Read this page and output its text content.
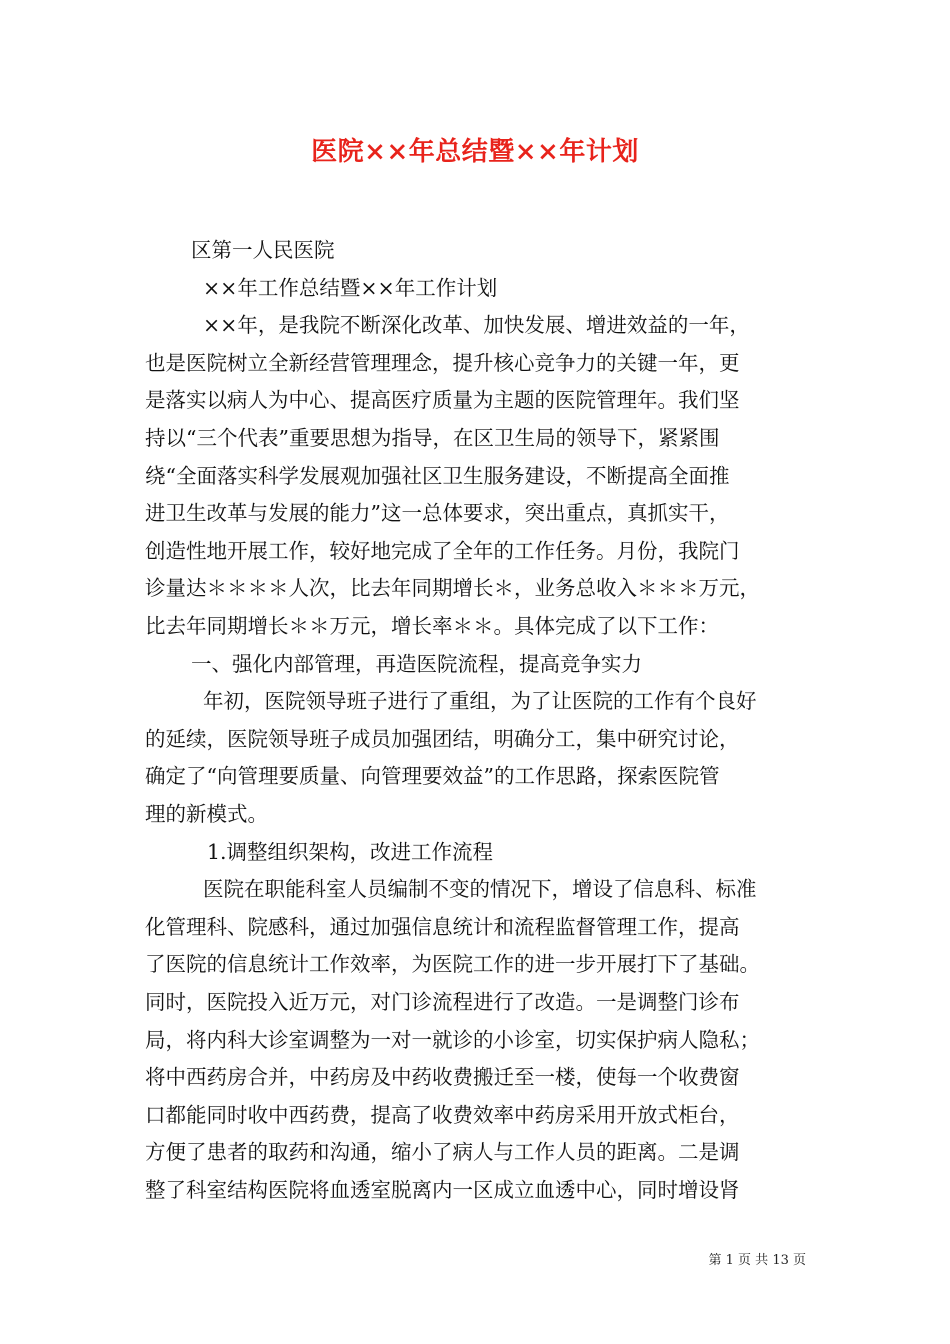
医院××年总结暨××年计划
区第一人民医院
××年工作总结暨××年工作计划
××年，是我院不断深化改革、加快发展、增进效益的一年，
也是医院树立全新经营管理理念，提升核心竞争力的关键一年，更
是落实以病人为中心、提高医疗质量为主题的医院管理年。我们坚
持以“三个代表”重要思想为指导，在区卫生局的领导下，紧紧围
绕“全面落实科学发展观加强社区卫生服务建设，不断提高全面推
进卫生改革与发展的能力”这一总体要求，突出重点，真抓实干，
创造性地开展工作，较好地完成了全年的工作任务。月份，我院门
诊量达＊＊＊＊人次，比去年同期增长＊，业务总收入＊＊＊万元，
比去年同期增长＊＊万元，增长率＊＊。具体完成了以下工作：
一、强化内部管理，再造医院流程，提高竞争实力
年初，医院领导班子进行了重组，为了让医院的工作有个良好
的延续，医院领导班子成员加强团结，明确分工，集中研究讨论，
确定了“向管理要质量、向管理要效益”的工作思路，探索医院管
理的新模式。
1.调整组织架构，改进工作流程
医院在职能科室人员编制不变的情况下，增设了信息科、标准
化管理科、院感科，通过加强信息统计和流程监督管理工作，提高
了医院的信息统计工作效率，为医院工作的进一步开展打下了基础。
同时，医院投入近万元，对门诊流程进行了改造。一是调整门诊布
局，将内科大诊室调整为一对一就诊的小诊室，切实保护病人隐私；
将中西药房合并，中药房及中药收费搬迁至一楼，使每一个收费窗
口都能同时收中西药费，提高了收费效率中药房采用开放式柜台，
方便了患者的取药和沟通，缩小了病人与工作人员的距离。二是调
整了科室结构医院将血透室脱离内一区成立血透中心，同时增设肾
第 1 页 共 13 页
